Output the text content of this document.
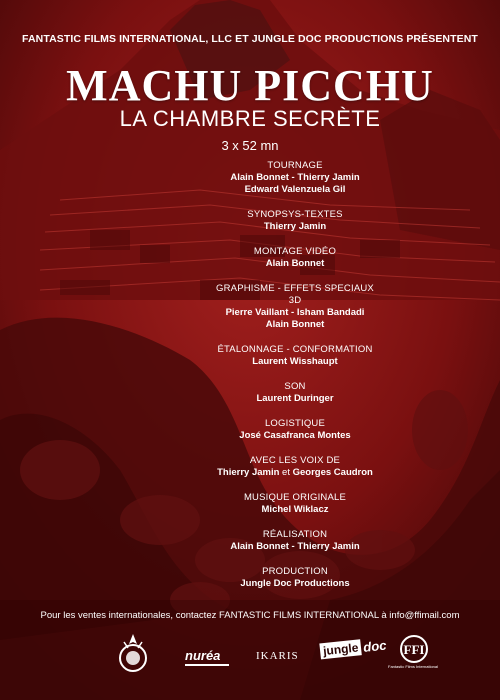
FANTASTIC FILMS INTERNATIONAL, LLC ET JUNGLE DOC PRODUCTIONS PRÉSENTENT
MACHU PICCHU
LA CHAMBRE SECRÈTE
3 x 52 mn
TOURNAGE
Alain Bonnet - Thierry Jamin
Edward Valenzuela Gil
SYNOPSYS-TEXTES
Thierry Jamin
MONTAGE VIDÉO
Alain Bonnet
GRAPHISME - EFFETS SPECIAUX
3D
Pierre Vaillant - Isham Bandadi
Alain Bonnet
ÉTALONNAGE - CONFORMATION
Laurent Wisshaupt
SON
Laurent Duringer
LOGISTIQUE
José Casafranca Montes
AVEC LES VOIX DE
Thierry Jamin et Georges Caudron
MUSIQUE ORIGINALE
Michel Wiklacz
RÉALISATION
Alain Bonnet - Thierry Jamin
PRODUCTION
Jungle Doc Productions
Pour les ventes internationales, contactez FANTASTIC FILMS INTERNATIONAL à info@ffimail.com
nuréa	IKARIS jungle doc FFI
Fantastic Films International
